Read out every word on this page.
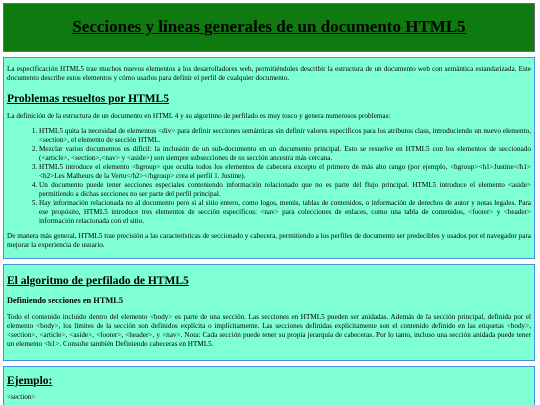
Secciones y líneas generales de un documento HTML5

La especificación HTML5 trae muchos nuevos elementos a los desarrolladores web, permitiéndoles describir la estructura de un documento web con semántica estandarizada. Este documento describe estos elementos y cómo usarlos para definir el perfil de cualquier documento.

Problemas resueltos por HTML5

La definición de la estructura de un documento en HTML 4 y su algoritmo de perfilado es muy tosco y genera numerosos problemas:

1. HTML5 quita la necesidad de elementos <div> para definir secciones semánticas sin definir valores específicos para los atributos class, introduciendo un nuevo elemento, <section>, el elemento de sección HTML.
2. Mezclar varios documentos es difícil: la inclusión de un sub-documento en un documento principal. Esto se resuelve en HTML5 con los elementos de seccionado (<article>, <section>,<nav> y <aside>) son siempre subsecciones de su sección ancestra más cercana.
3. HTML5 introduce el elemento <hgroup> que oculta todos los elementos de cabecera excepto el primero de más alto rango (por ejemplo, <hgroup><h1>Justine</h1><h2>Les Malheurs de la Vertu</h2></hgroup> crea el perfil 1. Justine).
4. Un documento puede tener secciones especiales conteniendo información relacionado que no es parte del flujo principal. HTML5 introduce el elemento <aside> permitiendo a dichas secciones no ser parte del perfil principal.
5. Hay información relacionada no al documento pero si al sitio entero, como logos, menús, tablas de contenidos, o información de derechos de autor y notas legales. Para ese propósito, HTML5 introduce tres elementos de sección específicos: <nav> para colecciones de enlaces, como una tabla de contenidos, <footer> y <header> información relacionada con el sitio.

De manera más general, HTML5 trae precisión a las características de seccionado y cabecera, permitiendo a los perfiles de documento ser predecibles y usados por el navegador para mejorar la experiencia de usuario.

El algoritmo de perfilado de HTML5
Definiendo secciones en HTML5

Todo el contenido incluido dentro del elemento <body> es parte de una sección. Las secciones en HTML5 pueden ser anidadas. Además de la sección principal, definida por el elemento <body>, los límites de la sección son definidos explícita o implícitamente. Las secciones definidas explícitamente son el contenido definido en las etiquetas <body>, <section>, <article>, <aside>, <footer>, <header>, y <nav>. Nota: Cada sección puede tener su propia jerarquía de cabeceras. Por lo tanto, incluso una sección anidada puede tener un elemento <h1>. Consulte también Definiendo cabeceras en HTML5.

Ejemplo:

<section>
